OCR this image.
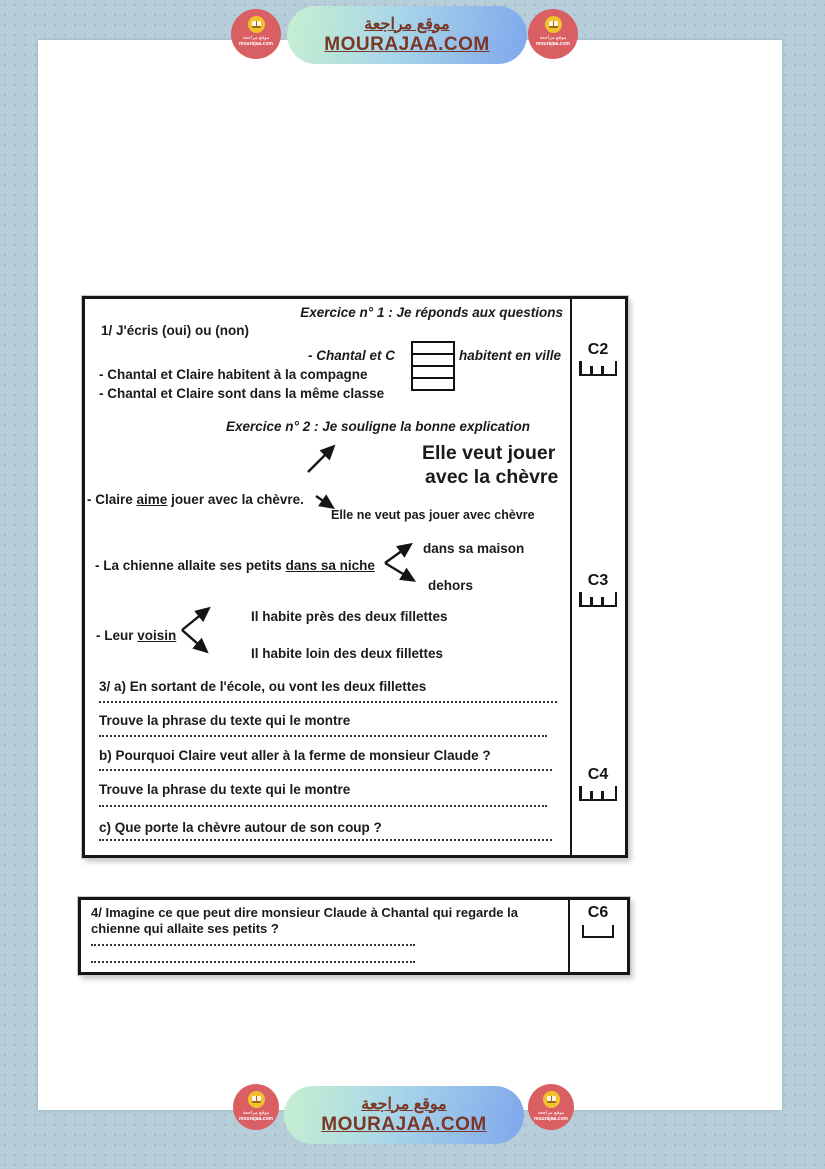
موقع مراجعة
mourajaa.com
موقع مراجعة
MOURAJAA.COM	موقع مراجعة
mourajaa.com
Exercice n° 1 : Je réponds aux questions
1/ J'écris (oui) ou (non)
- Chantal et C	habitent en ville
- Chantal et Claire habitent à la compagne
- Chantal et Claire sont dans la même classe
Exercice n° 2 : Je souligne la bonne explication
Elle veut jouer
avec la chèvre
- Claire aime jouer avec la chèvre.
Elle ne veut pas jouer avec chèvre
- La chienne allaite ses petits dans sa niche
dans sa maison
dehors
- Leur voisin
Il habite près des deux fillettes
Il habite loin des deux fillettes
3/ a) En sortant de l'école, ou vont les deux fillettes
Trouve la phrase du texte qui le montre
b) Pourquoi Claire veut aller à la ferme de monsieur Claude ?
Trouve la phrase du texte qui le montre
c) Que porte la chèvre autour de son coup ?
C2
C3
C4
4/ Imagine ce que peut dire monsieur Claude à Chantal qui regarde la chienne qui allaite ses petits ?
C6
موقع مراجعة
mourajaa.com
موقع مراجعة
MOURAJAA.COM
موقع مراجعة
mourajaa.com
